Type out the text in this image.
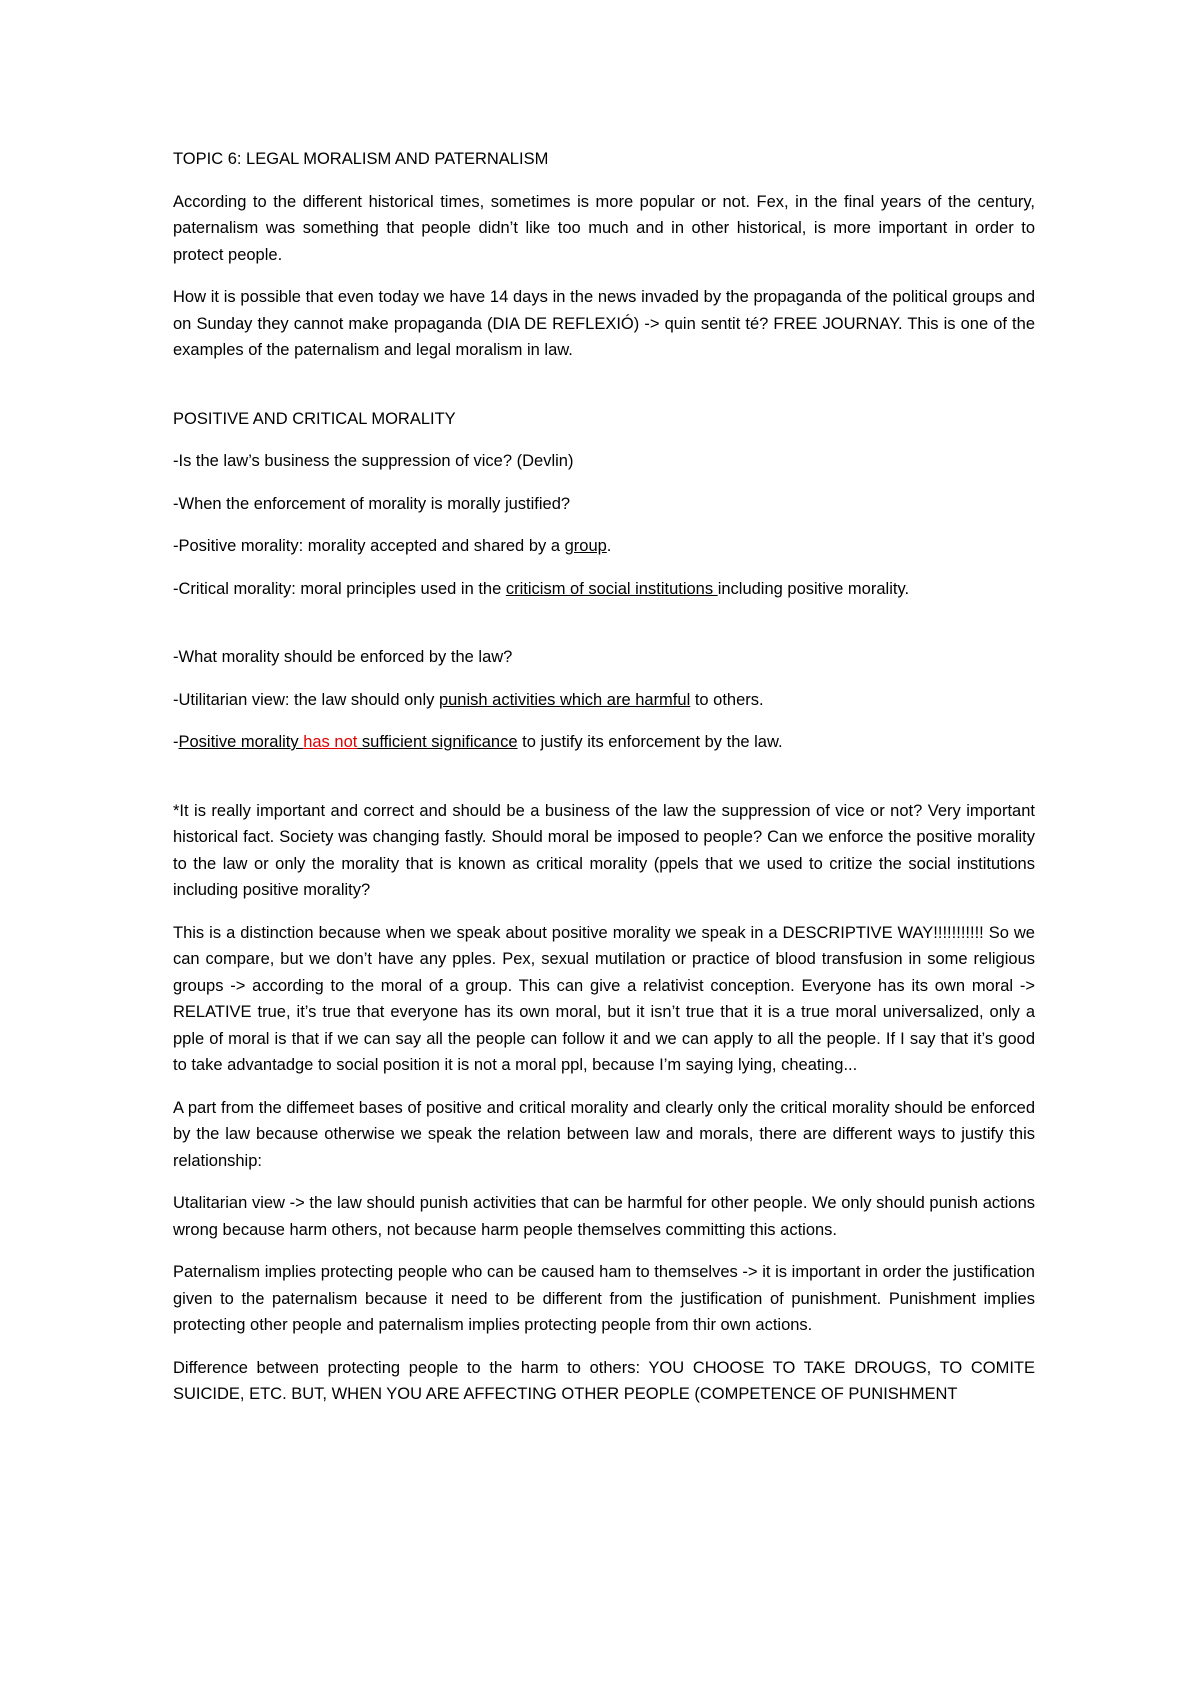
TOPIC 6: LEGAL MORALISM AND PATERNALISM

According to the different historical times, sometimes is more popular or not. Fex, in the final years of the century, paternalism was something that people didn’t like too much and in other historical, is more important in order to protect people.

How it is possible that even today we have 14 days in the news invaded by the propaganda of the political groups and on Sunday they cannot make propaganda (DIA DE REFLEXIÓ) -> quin sentit té? FREE JOURNAY. This is one of the examples of the paternalism and legal moralism in law.

POSITIVE AND CRITICAL MORALITY

-Is the law’s business the suppression of vice? (Devlin)

-When the enforcement of morality is morally justified?

-Positive morality: morality accepted and shared by a group.

-Critical morality: moral principles used in the criticism of social institutions including positive morality.

-What morality should be enforced by the law?

-Utilitarian view: the law should only punish activities which are harmful to others.

-Positive morality has not sufficient significance to justify its enforcement by the law.

*It is really important and correct and should be a business of the law the suppression of vice or not? Very important historical fact. Society was changing fastly. Should moral be imposed to people? Can we enforce the positive morality to the law or only the morality that is known as critical morality (ppels that we used to critize the social institutions including positive morality?

This is a distinction because when we speak about positive morality we speak in a DESCRIPTIVE WAY!!!!!!!!!!! So we can compare, but we don’t have any pples. Pex, sexual mutilation or practice of blood transfusion in some religious groups -> according to the moral of a group. This can give a relativist conception. Everyone has its own moral -> RELATIVE true, it’s true that everyone has its own moral, but it isn’t true that it is a true moral universalized, only a pple of moral is that if we can say all the people can follow it and we can apply to all the people. If I say that it’s good to take advantadge to social position it is not a moral ppl, because I’m saying lying, cheating...

A part from the diffemeet bases of positive and critical morality and clearly only the critical morality should be enforced by the law because otherwise we speak the relation between law and morals, there are different ways to justify this relationship:

Utalitarian view -> the law should punish activities that can be harmful for other people. We only should punish actions wrong because harm others, not because harm people themselves committing this actions.

Paternalism implies protecting people who can be caused ham to themselves -> it is important in order the justification given to the paternalism because it need to be different from the justification of punishment. Punishment implies protecting other people and paternalism implies protecting people from thir own actions.

Difference between protecting people to the harm to others: YOU CHOOSE TO TAKE DROUGS, TO COMITE SUICIDE, ETC. BUT, WHEN YOU ARE AFFECTING OTHER PEOPLE (COMPETENCE OF PUNISHMENT
